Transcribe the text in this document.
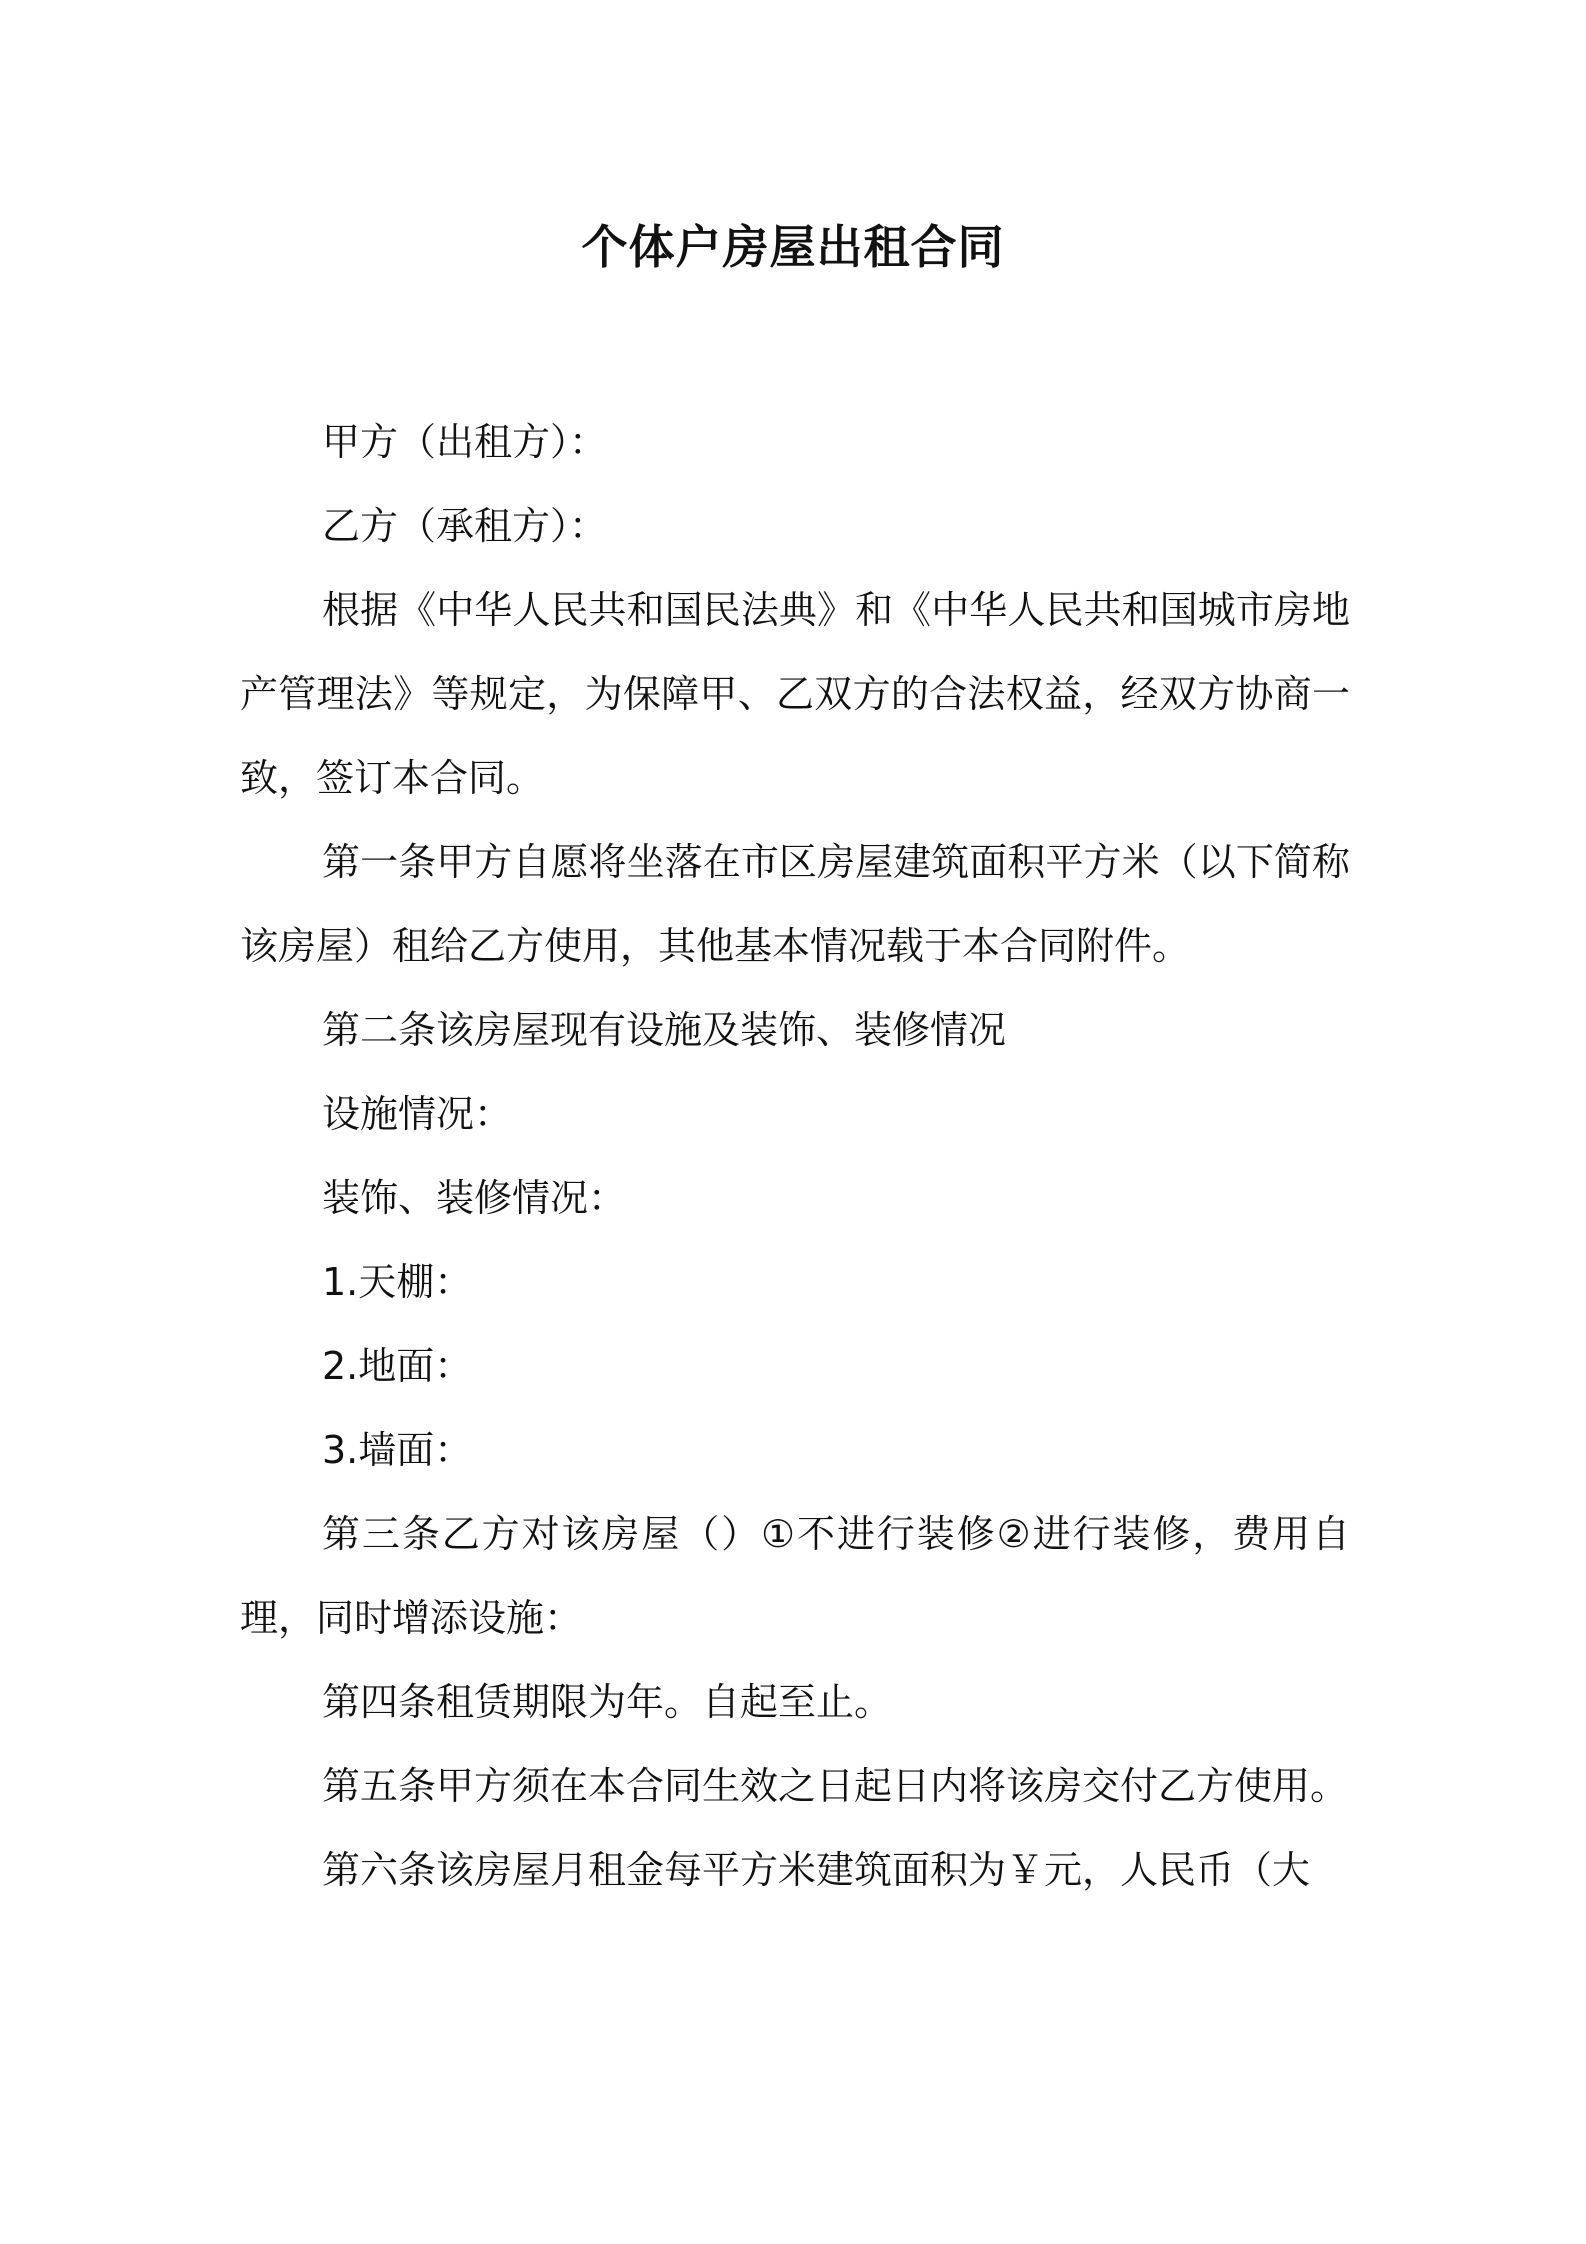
个体户房屋出租合同

甲方（出租方）：

乙方（承租方）：

根据《中华人民共和国民法典》和《中华人民共和国城市房地产管理法》等规定，为保障甲、乙双方的合法权益，经双方协商一致，签订本合同。

第一条甲方自愿将坐落在市区房屋建筑面积平方米（以下简称该房屋）租给乙方使用，其他基本情况载于本合同附件。

第二条该房屋现有设施及装饰、装修情况

设施情况：

装饰、装修情况：

1.天棚：

2.地面：

3.墙面：

第三条乙方对该房屋（）①不进行装修②进行装修，费用自理，同时增添设施：

第四条租赁期限为年。自起至止。

第五条甲方须在本合同生效之日起日内将该房交付乙方使用。

第六条该房屋月租金每平方米建筑面积为￥元，人民币（大
